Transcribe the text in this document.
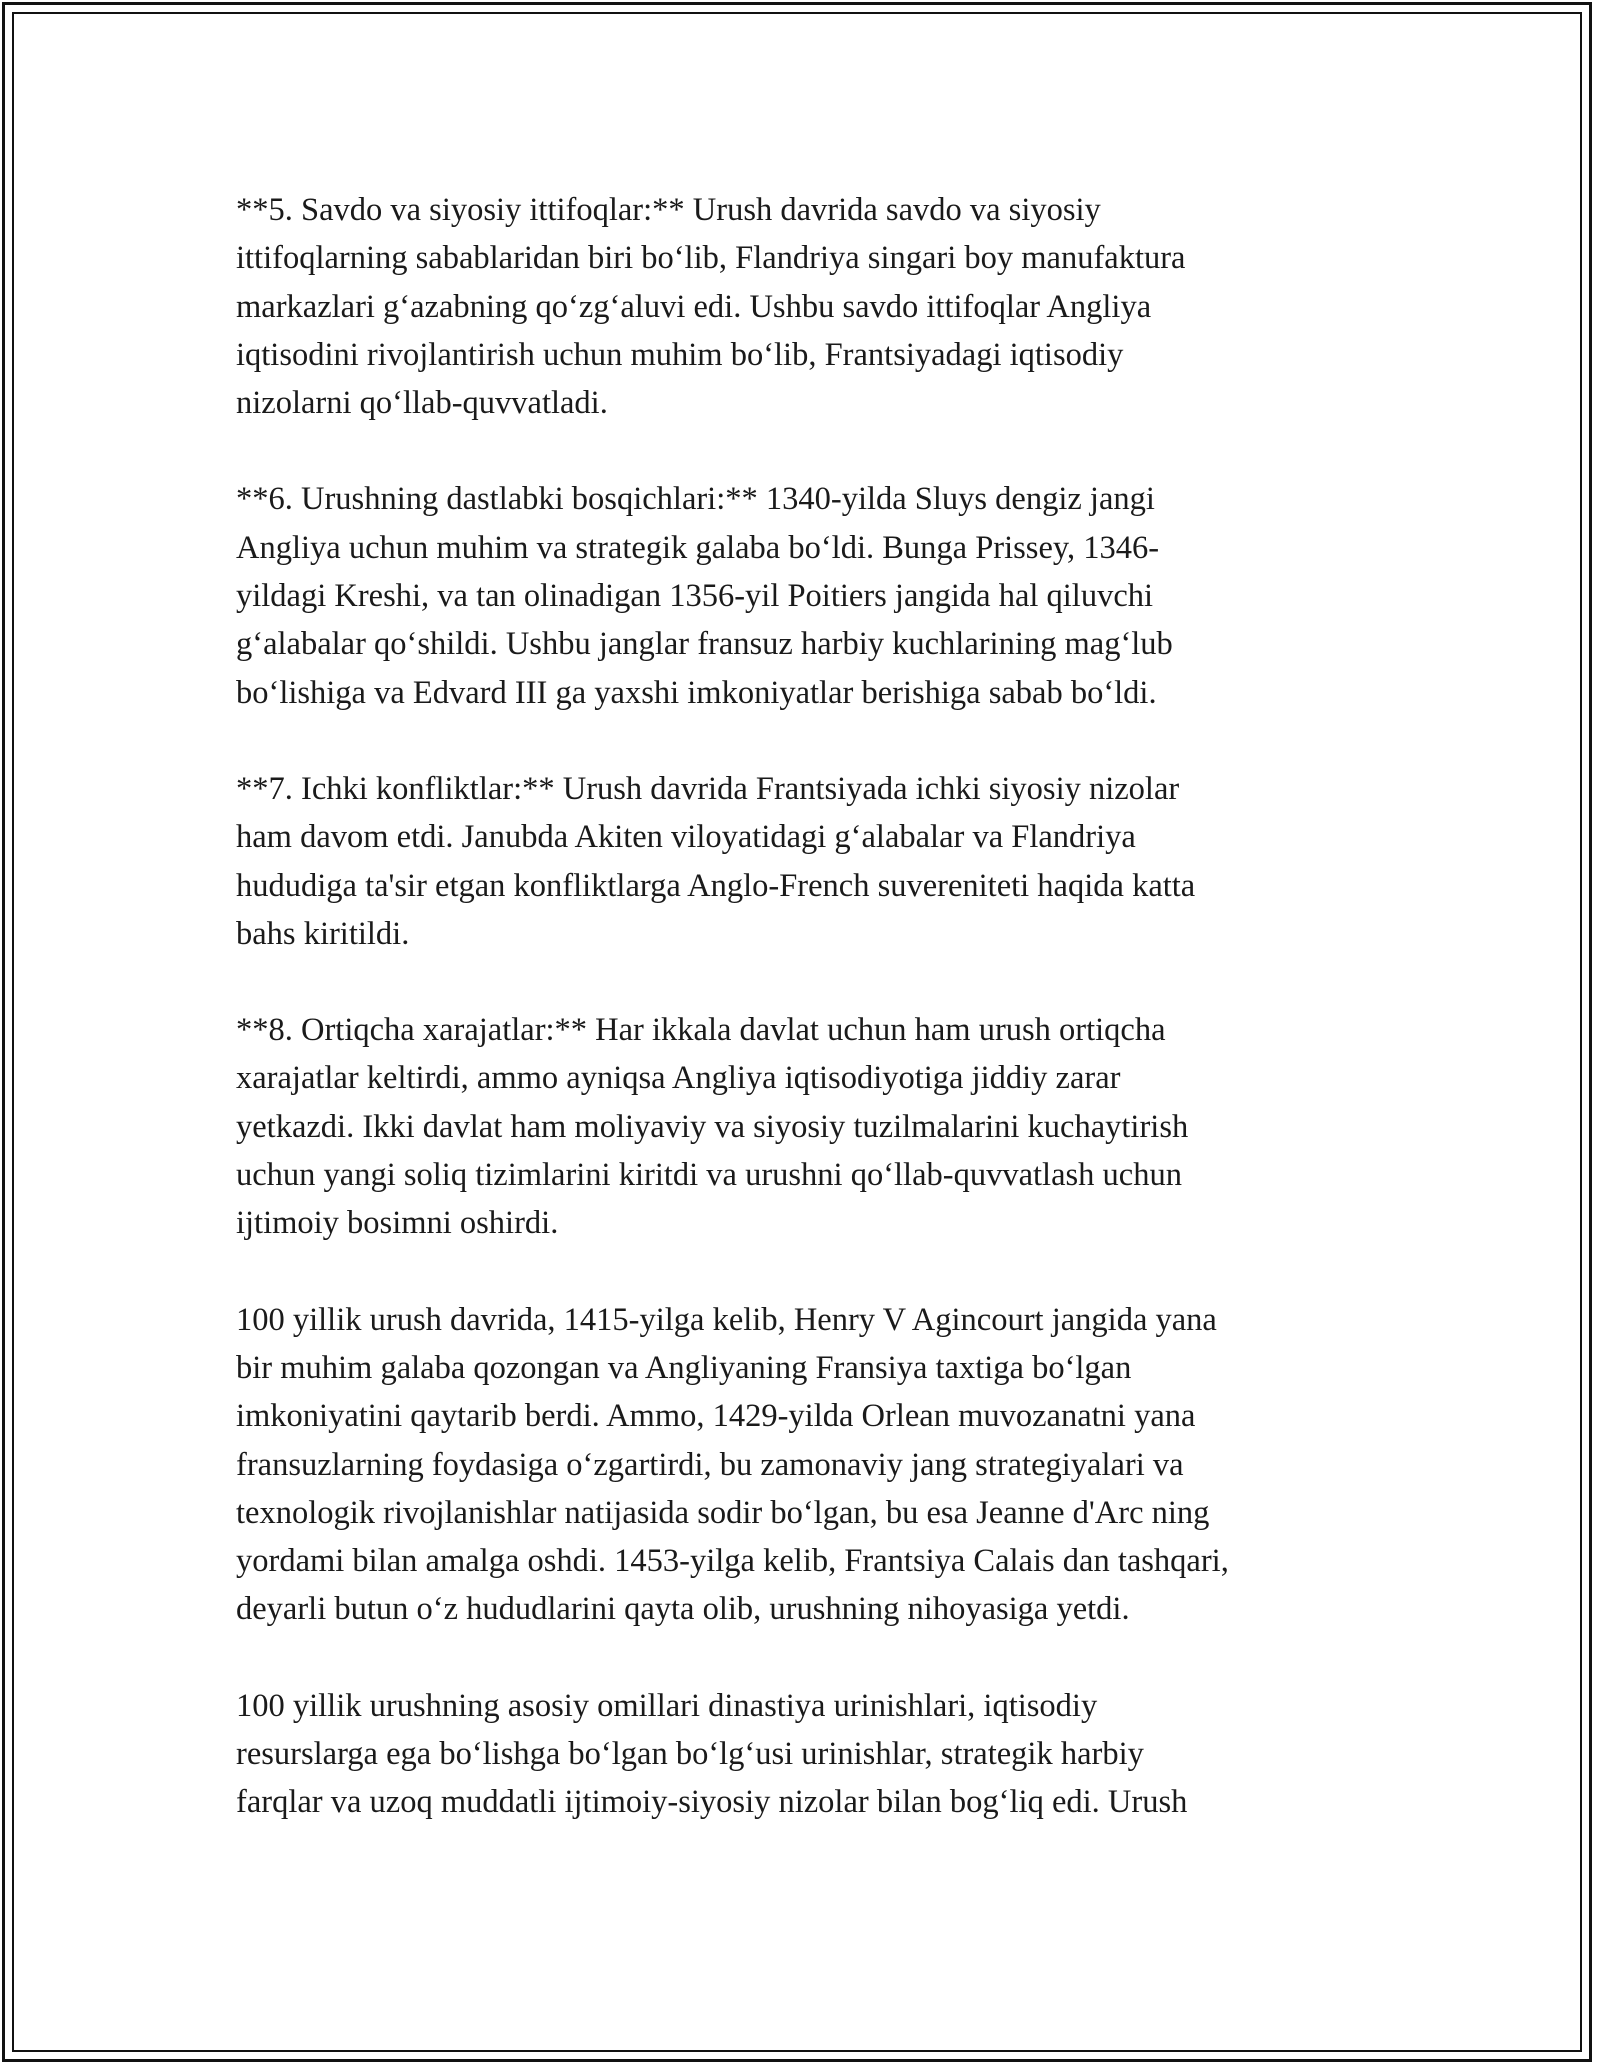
**5. Savdo va siyosiy ittifoqlar:** Urush davrida savdo va siyosiy
ittifoqlarning sabablaridan biri boʻlib, Flandriya singari boy manufaktura
markazlari gʻazabning qoʻzgʻaluvi edi. Ushbu savdo ittifoqlar Angliya
iqtisodini rivojlantirish uchun muhim boʻlib, Frantsiyadagi iqtisodiy
nizolarni qoʻllab-quvvatladi.

**6. Urushning dastlabki bosqichlari:** 1340-yilda Sluys dengiz jangi
Angliya uchun muhim va strategik galaba boʻldi. Bunga Prissey, 1346-
yildagi Kreshi, va tan olinadigan 1356-yil Poitiers jangida hal qiluvchi
gʻalabalar qoʻshildi. Ushbu janglar fransuz harbiy kuchlarining magʻlub
boʻlishiga va Edvard III ga yaxshi imkoniyatlar berishiga sabab boʻldi.

**7. Ichki konfliktlar:** Urush davrida Frantsiyada ichki siyosiy nizolar
ham davom etdi. Janubda Akiten viloyatidagi gʻalabalar va Flandriya
hududiga ta'sir etgan konfliktlarga Anglo-French suvereniteti haqida katta
bahs kiritildi.

**8. Ortiqcha xarajatlar:** Har ikkala davlat uchun ham urush ortiqcha
xarajatlar keltirdi, ammo ayniqsa Angliya iqtisodiyotiga jiddiy zarar
yetkazdi. Ikki davlat ham moliyaviy va siyosiy tuzilmalarini kuchaytirish
uchun yangi soliq tizimlarini kiritdi va urushni qoʻllab-quvvatlash uchun
ijtimoiy bosimni oshirdi.

100 yillik urush davrida, 1415-yilga kelib, Henry V Agincourt jangida yana
bir muhim galaba qozongan va Angliyaning Fransiya taxtiga boʻlgan
imkoniyatini qaytarib berdi. Ammo, 1429-yilda Orlean muvozanatni yana
fransuzlarning foydasiga oʻzgartirdi, bu zamonaviy jang strategiyalari va
texnologik rivojlanishlar natijasida sodir boʻlgan, bu esa Jeanne d'Arc ning
yordami bilan amalga oshdi. 1453-yilga kelib, Frantsiya Calais dan tashqari,
deyarli butun oʻz hududlarini qayta olib, urushning nihoyasiga yetdi.

100 yillik urushning asosiy omillari dinastiya urinishlari, iqtisodiy
resurslarga ega boʻlishga boʻlgan boʻlgʻusi urinishlar, strategik harbiy
farqlar va uzoq muddatli ijtimoiy-siyosiy nizolar bilan bogʻliq edi. Urush
